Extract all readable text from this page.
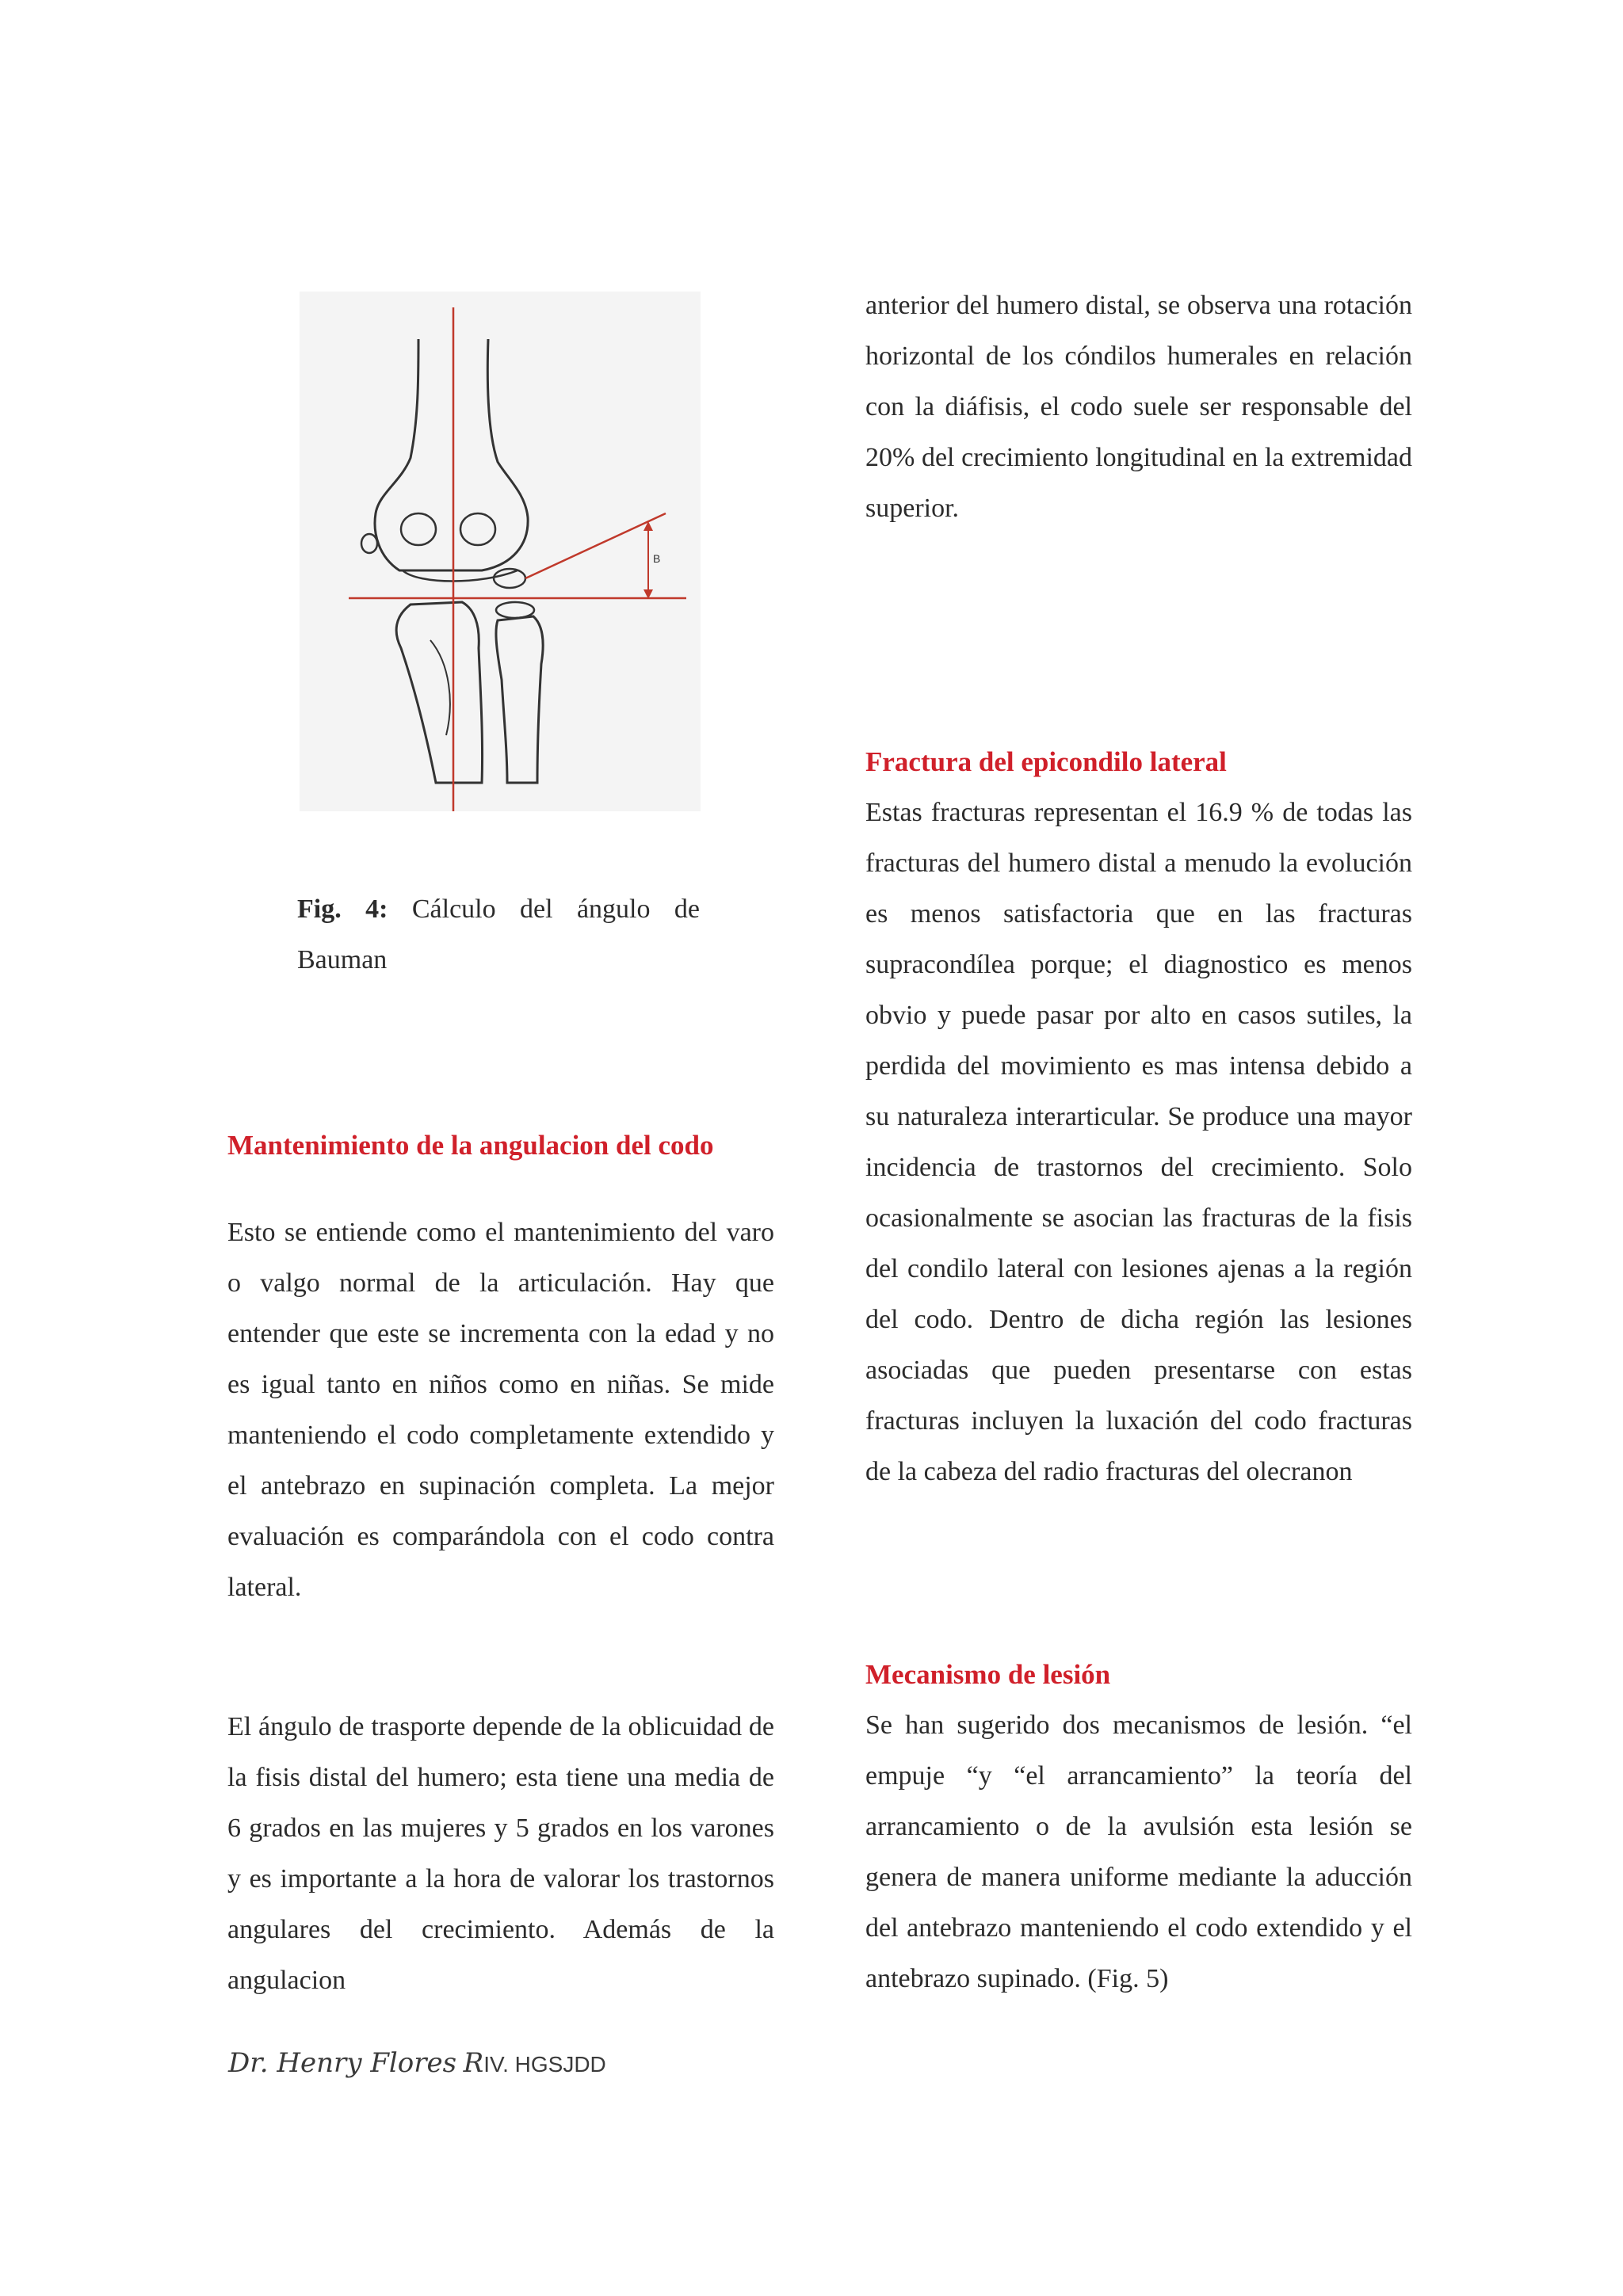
B

Fig. 4: Cálculo del ángulo de Bauman

Mantenimiento de la angulacion del codo

Esto se entiende como el mantenimiento del varo o valgo normal de la articulación. Hay que entender que este se incrementa con la edad y no es igual tanto en niños como en niñas. Se mide manteniendo el codo completamente extendido y el antebrazo en supinación completa. La mejor evaluación es comparándola con el codo contra lateral.

El ángulo de trasporte depende de la oblicuidad de la fisis distal del humero; esta tiene una media de 6 grados en las mujeres y 5 grados en los varones y es importante a la hora de valorar los trastornos angulares del crecimiento. Además de la angulacion

anterior del humero distal, se observa una rotación horizontal de los cóndilos humerales en relación con la diáfisis, el codo suele ser responsable del 20% del crecimiento longitudinal en la extremidad superior.

Fractura del epicondilo lateral

Estas fracturas representan el 16.9 % de todas las fracturas del humero distal a menudo la evolución es menos satisfactoria que en las fracturas supracondílea porque; el diagnostico es menos obvio y puede pasar por alto en casos sutiles, la perdida del movimiento es mas intensa debido a su naturaleza interarticular. Se produce una mayor incidencia de trastornos del crecimiento. Solo ocasionalmente se asocian las fracturas de la fisis del condilo lateral con lesiones ajenas a la región del codo. Dentro de dicha región las lesiones asociadas que pueden presentarse con estas fracturas incluyen la luxación del codo fracturas de la cabeza del radio fracturas del olecranon

Mecanismo de lesión

Se han sugerido dos mecanismos de lesión. “el empuje “y “el arrancamiento” la teoría del arrancamiento o de la avulsión esta lesión se genera de manera uniforme mediante la aducción del antebrazo manteniendo el codo extendido y el antebrazo supinado. (Fig. 5)

Dr. Henry Flores RIV. HGSJDD
